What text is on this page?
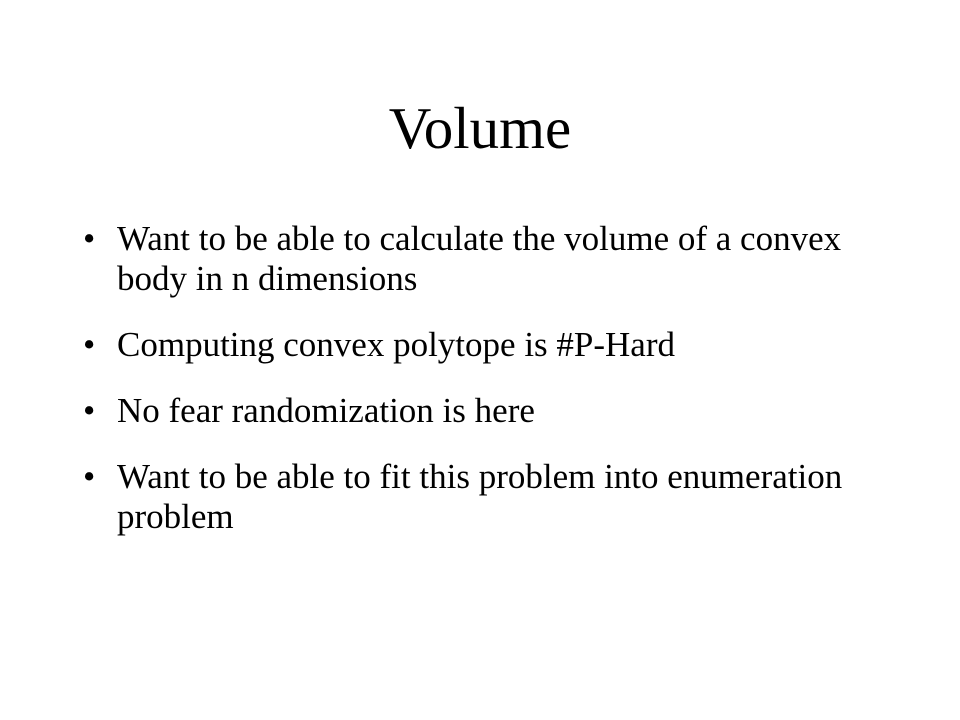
Volume
• Want to be able to calculate the volume of a convex body in n dimensions
• Computing convex polytope is #P-Hard
• No fear randomization is here
• Want to be able to fit this problem into enumeration problem
